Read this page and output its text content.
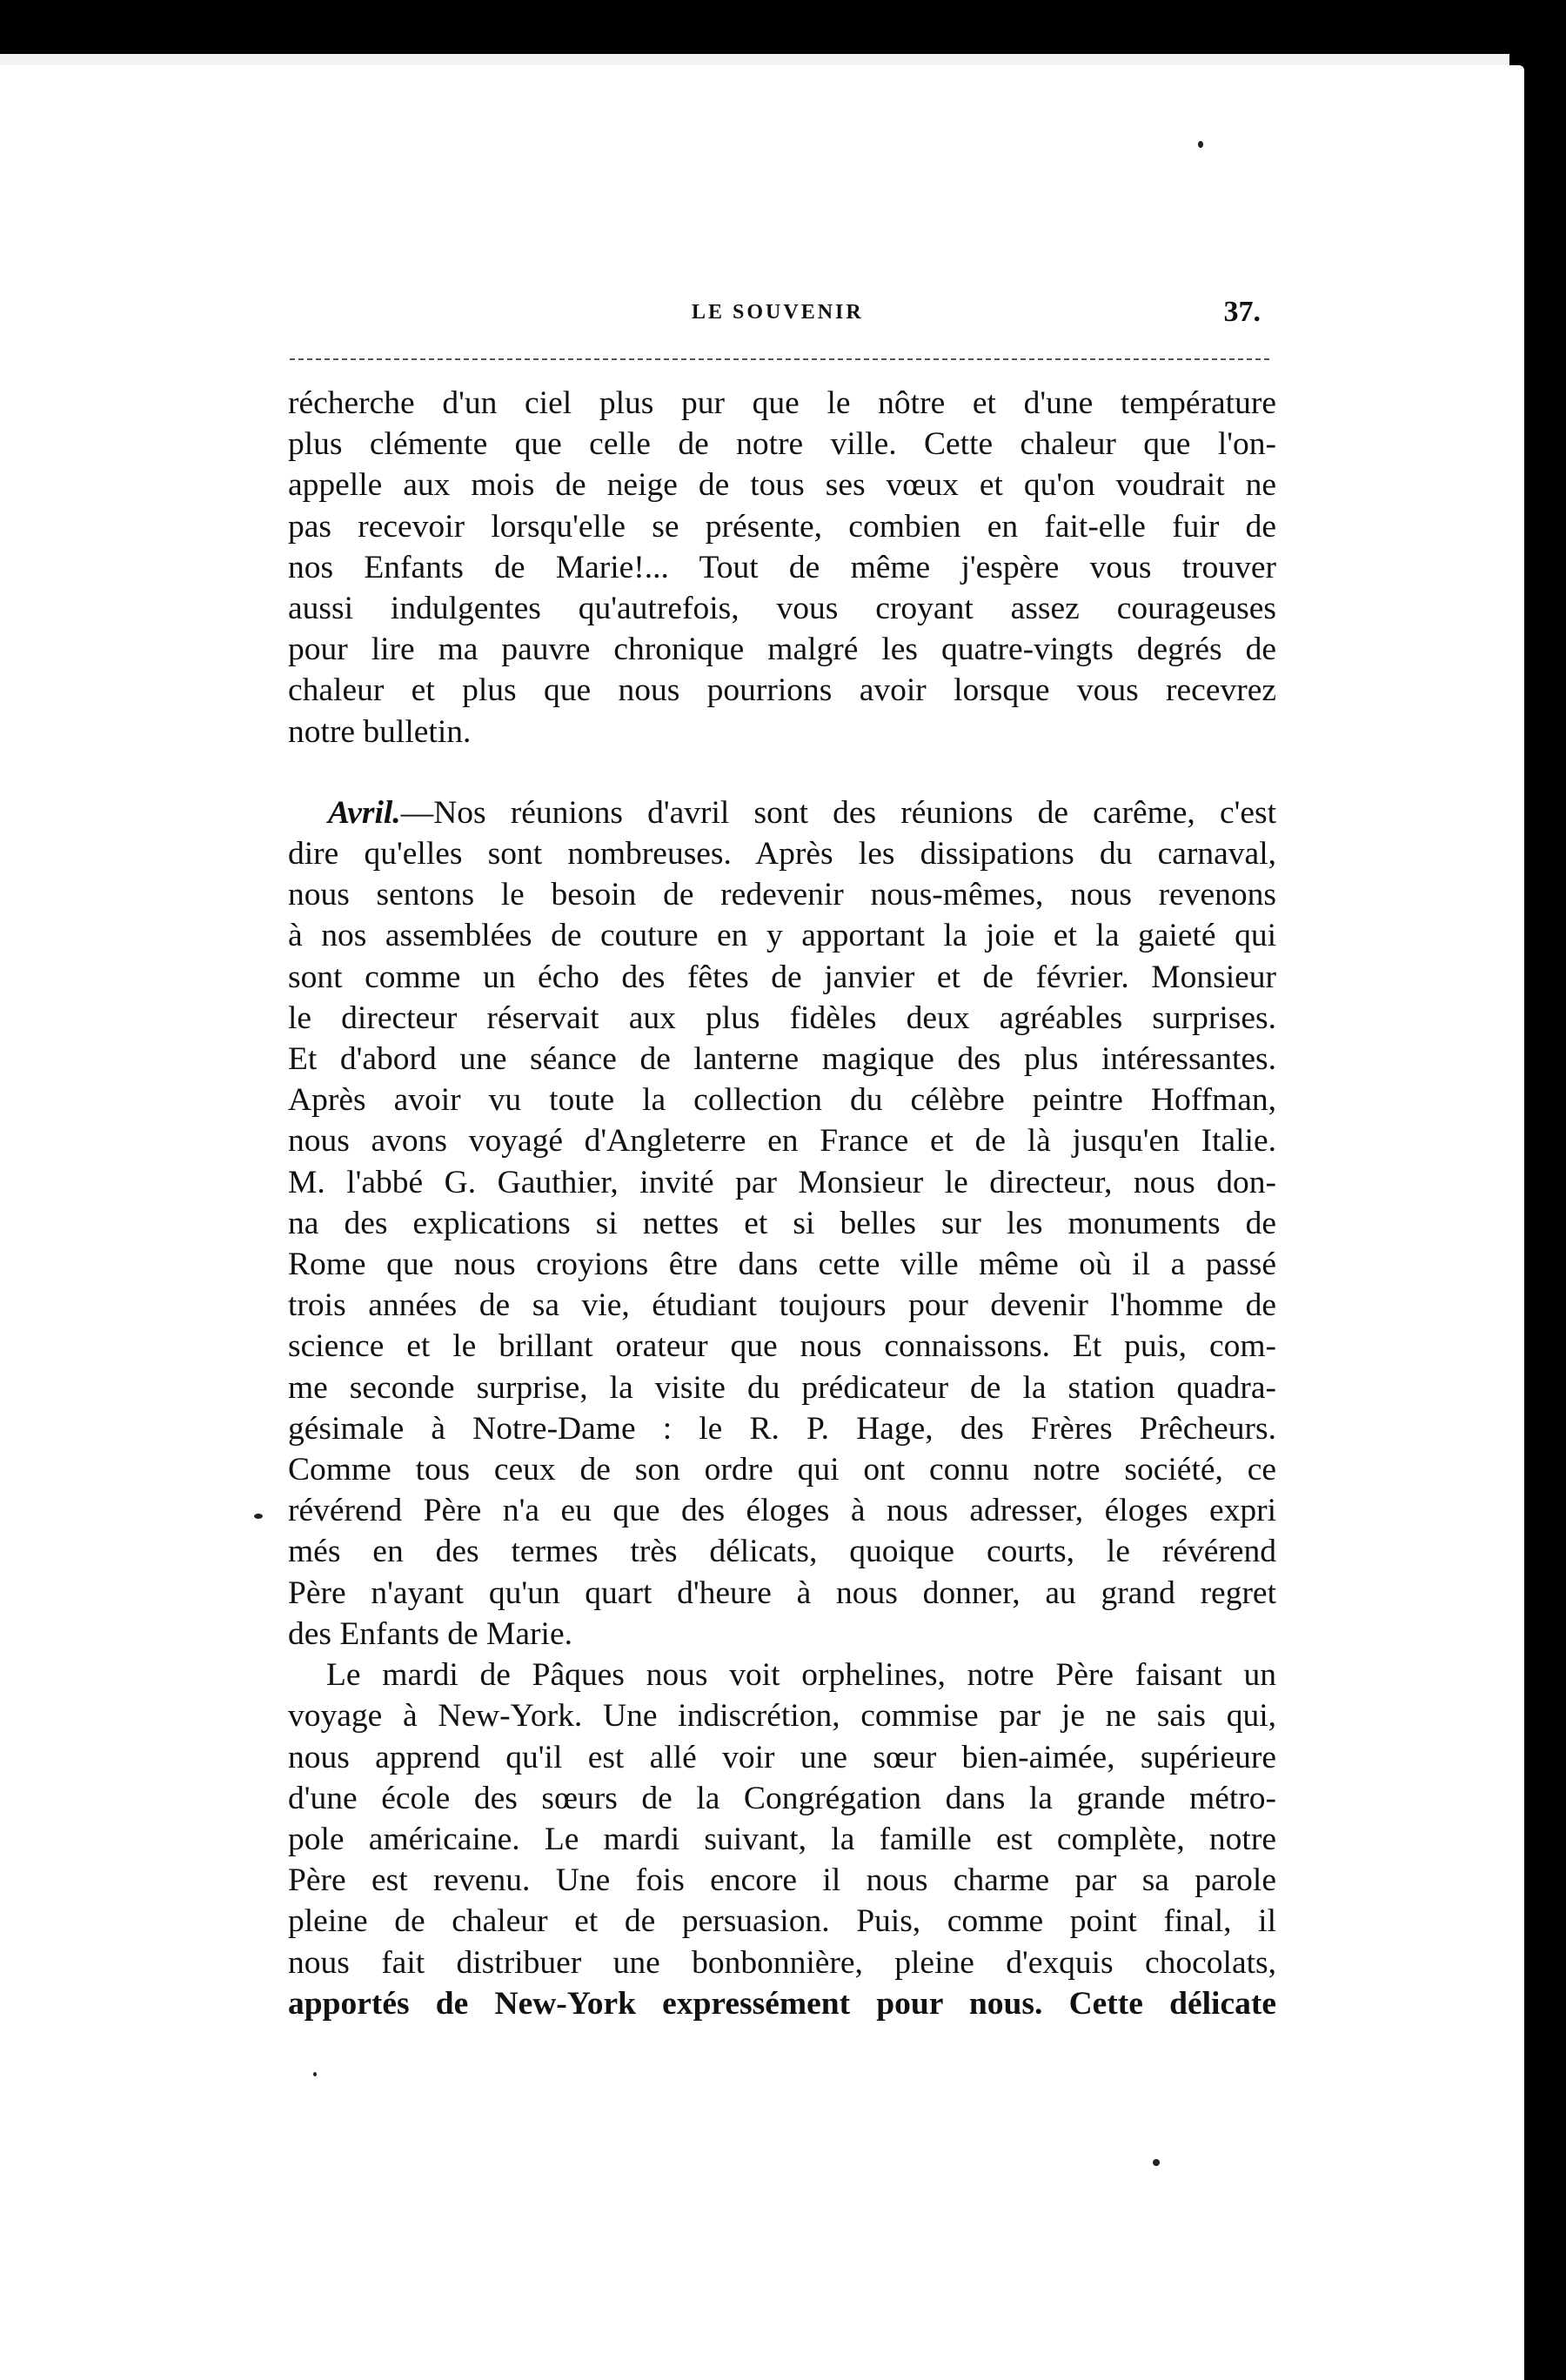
LE SOUVENIR	37.

récherche d'un ciel plus pur que le nôtre et d'une température
plus clémente que celle de notre ville. Cette chaleur que l'on-
appelle aux mois de neige de tous ses vœux et qu'on voudrait ne
pas recevoir lorsqu'elle se présente, combien en fait-elle fuir de
nos Enfants de Marie!... Tout de même j'espère vous trouver
aussi indulgentes qu'autrefois, vous croyant assez courageuses
pour lire ma pauvre chronique malgré les quatre-vingts degrés de
chaleur et plus que nous pourrions avoir lorsque vous recevrez
notre bulletin.

Avril.—Nos réunions d'avril sont des réunions de carême, c'est
dire qu'elles sont nombreuses. Après les dissipations du carnaval,
nous sentons le besoin de redevenir nous-mêmes, nous revenons
à nos assemblées de couture en y apportant la joie et la gaieté qui
sont comme un écho des fêtes de janvier et de février. Monsieur
le directeur réservait aux plus fidèles deux agréables surprises.
Et d'abord une séance de lanterne magique des plus intéressantes.
Après avoir vu toute la collection du célèbre peintre Hoffman,
nous avons voyagé d'Angleterre en France et de là jusqu'en Italie.
M. l'abbé G. Gauthier, invité par Monsieur le directeur, nous don-
na des explications si nettes et si belles sur les monuments de
Rome que nous croyions être dans cette ville même où il a passé
trois années de sa vie, étudiant toujours pour devenir l'homme de
science et le brillant orateur que nous connaissons. Et puis, com-
me seconde surprise, la visite du prédicateur de la station quadra-
gésimale à Notre-Dame : le R. P. Hage, des Frères Prêcheurs.
Comme tous ceux de son ordre qui ont connu notre société, ce
révérend Père n'a eu que des éloges à nous adresser, éloges expri
més en des termes très délicats, quoique courts, le révérend
Père n'ayant qu'un quart d'heure à nous donner, au grand regret
des Enfants de Marie.

Le mardi de Pâques nous voit orphelines, notre Père faisant un
voyage à New-York. Une indiscrétion, commise par je ne sais qui,
nous apprend qu'il est allé voir une sœur bien-aimée, supérieure
d'une école des sœurs de la Congrégation dans la grande métro-
pole américaine. Le mardi suivant, la famille est complète, notre
Père est revenu. Une fois encore il nous charme par sa parole
pleine de chaleur et de persuasion. Puis, comme point final, il
nous fait distribuer une bonbonnière, pleine d'exquis chocolats,
apportés de New-York expressément pour nous. Cette délicate
